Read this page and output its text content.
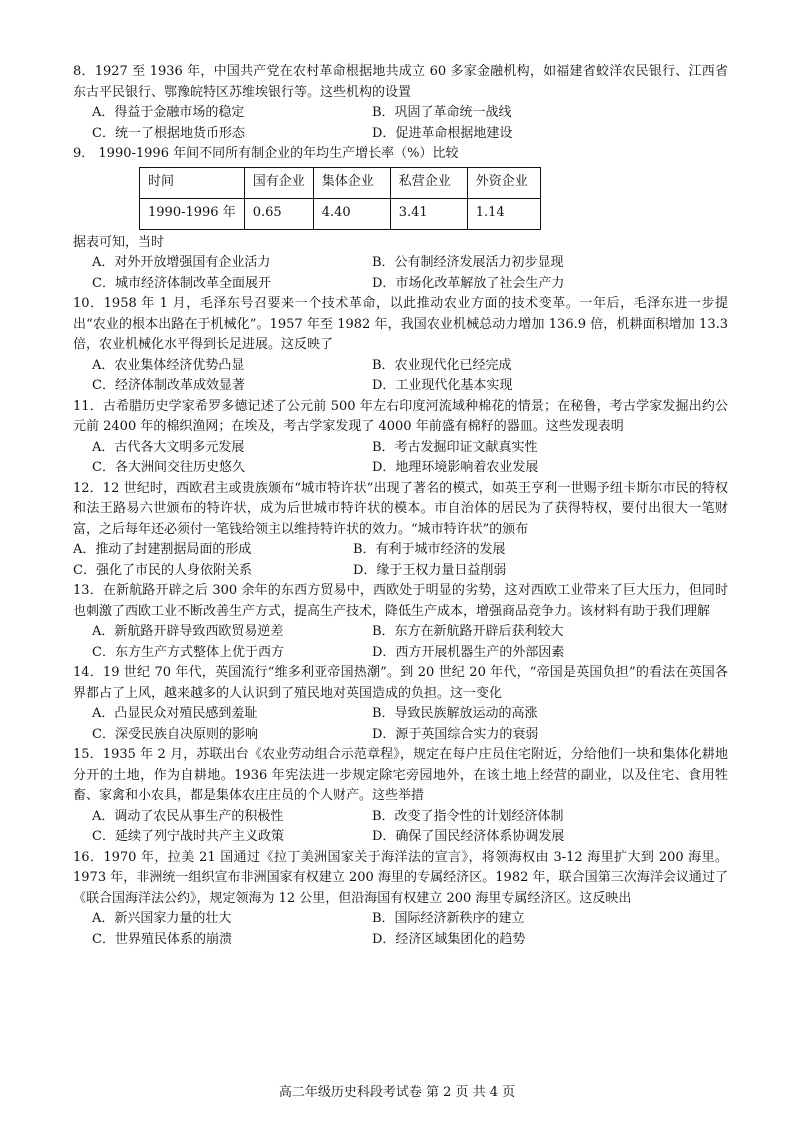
8．1927 至 1936 年，中国共产党在农村革命根据地共成立 60 多家金融机构，如福建省蛟洋农民银行、江西省东古平民银行、鄂豫皖特区苏维埃银行等。这些机构的设置

A．得益于金融市场的稳定	B．巩固了革命统一战线
C．统一了根据地货币形态	D．促进革命根据地建设

9． 1990-1996 年间不同所有制企业的年均生产增长率（%）比较

时间	国有企业	集体企业	私营企业	外资企业
1990-1996 年	0.65	4.40	3.41	1.14

据表可知，当时

A．对外开放增强国有企业活力	B．公有制经济发展活力初步显现
C．城市经济体制改革全面展开	D．市场化改革解放了社会生产力

10．1958 年 1 月，毛泽东号召要来一个技术革命，以此推动农业方面的技术变革。一年后，毛泽东进一步提出“农业的根本出路在于机械化”。1957 年至 1982 年，我国农业机械总动力增加 136.9 倍，机耕面积增加 13.3 倍，农业机械化水平得到长足进展。这反映了

A．农业集体经济优势凸显	B．农业现代化已经完成
C．经济体制改革成效显著	D．工业现代化基本实现

11．古希腊历史学家希罗多德记述了公元前 500 年左右印度河流域种棉花的情景；在秘鲁，考古学家发掘出约公元前 2400 年的棉织渔网；在埃及，考古学家发现了 4000 年前盛有棉籽的器皿。这些发现表明

A．古代各大文明多元发展	B．考古发掘印证文献真实性
C．各大洲间交往历史悠久	D．地理环境影响着农业发展

12．12 世纪时，西欧君主或贵族颁布“城市特许状”出现了著名的模式，如英王亨利一世赐予纽卡斯尔市民的特权和法王路易六世颁布的特许状，成为后世城市特许状的模本。市自治体的居民为了获得特权，要付出很大一笔财富，之后每年还必须付一笔钱给领主以维持特许状的效力。“城市特许状”的颁布

A．推动了封建割据局面的形成	B．有利于城市经济的发展
C．强化了市民的人身依附关系	D．缘于王权力量日益削弱

13．在新航路开辟之后 300 余年的东西方贸易中，西欧处于明显的劣势，这对西欧工业带来了巨大压力，但同时也刺激了西欧工业不断改善生产方式，提高生产技术，降低生产成本，增强商品竞争力。该材料有助于我们理解

A．新航路开辟导致西欧贸易逆差	B．东方在新航路开辟后获利较大
C．东方生产方式整体上优于西方	D．西方开展机器生产的外部因素

14．19 世纪 70 年代，英国流行“维多利亚帝国热潮”。到 20 世纪 20 年代，“帝国是英国负担”的看法在英国各界都占了上风，越来越多的人认识到了殖民地对英国造成的负担。这一变化

A．凸显民众对殖民感到羞耻	B．导致民族解放运动的高涨
C．深受民族自决原则的影响	D．源于英国综合实力的衰弱

15．1935 年 2 月，苏联出台《农业劳动组合示范章程》，规定在每户庄员住宅附近，分给他们一块和集体化耕地分开的土地，作为自耕地。1936 年宪法进一步规定除宅旁园地外，在该土地上经营的副业，以及住宅、食用牲畜、家禽和小农具，都是集体农庄庄员的个人财产。这些举措

A．调动了农民从事生产的积极性	B．改变了指令性的计划经济体制
C．延续了列宁战时共产主义政策	D．确保了国民经济体系协调发展

16．1970 年，拉美 21 国通过《拉丁美洲国家关于海洋法的宣言》，将领海权由 3-12 海里扩大到 200 海里。1973 年，非洲统一组织宣布非洲国家有权建立 200 海里的专属经济区。1982 年，联合国第三次海洋会议通过了《联合国海洋法公约》，规定领海为 12 公里，但沿海国有权建立 200 海里专属经济区。这反映出

A．新兴国家力量的壮大	B．国际经济新秩序的建立
C．世界殖民体系的崩溃	D．经济区域集团化的趋势
高二年级历史科段考试卷 第 2 页 共 4 页
